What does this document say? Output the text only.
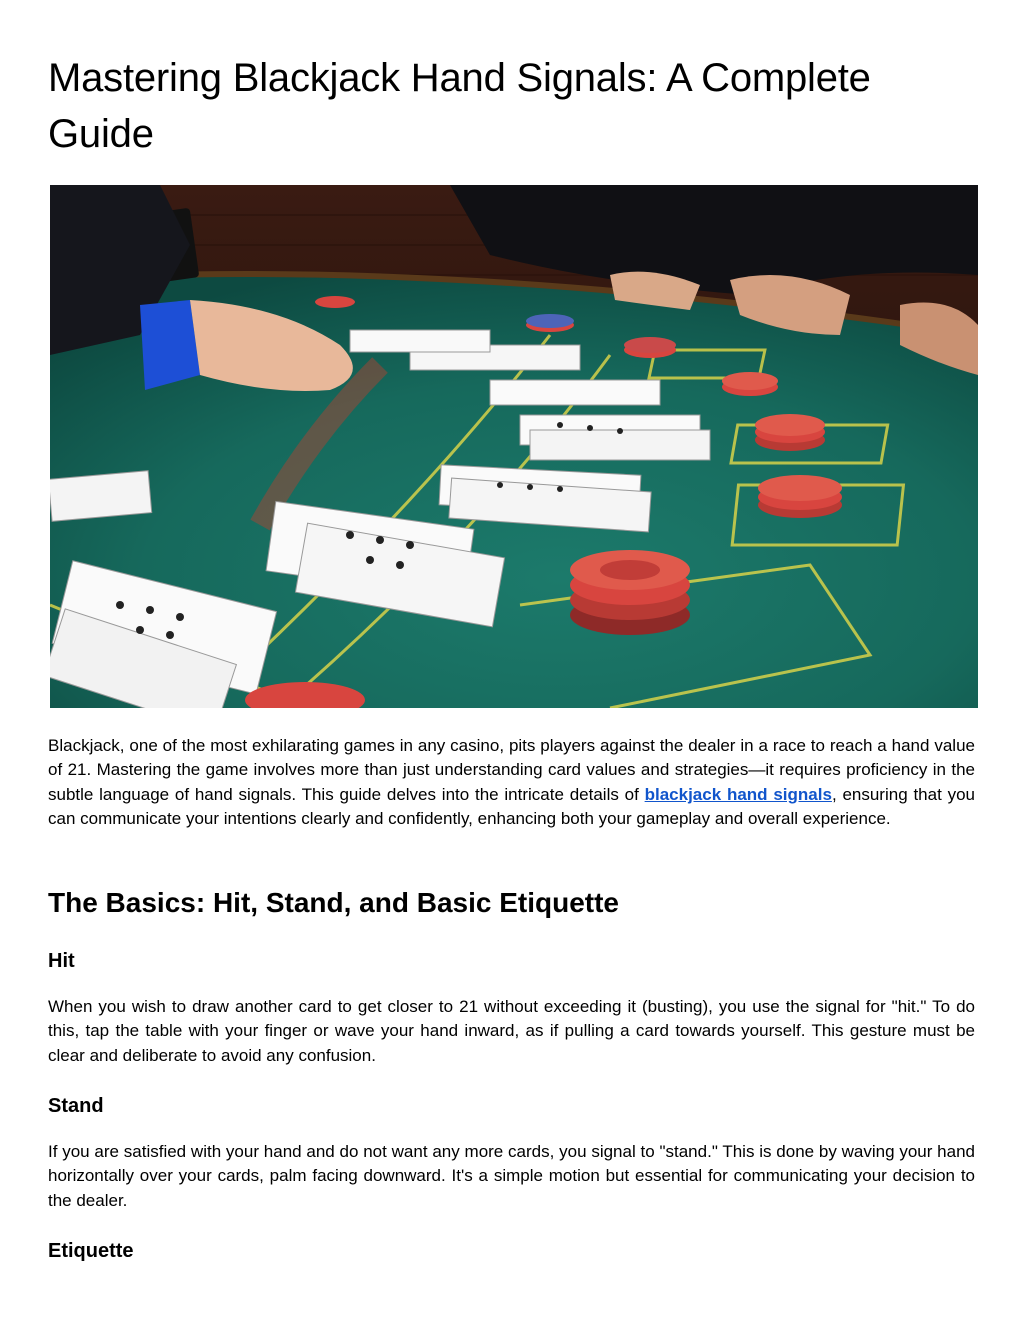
Mastering Blackjack Hand Signals: A Complete Guide

Blackjack, one of the most exhilarating games in any casino, pits players against the dealer in a race to reach a hand value of 21. Mastering the game involves more than just understanding card values and strategies—it requires proficiency in the subtle language of hand signals. This guide delves into the intricate details of blackjack hand signals, ensuring that you can communicate your intentions clearly and confidently, enhancing both your gameplay and overall experience.

The Basics: Hit, Stand, and Basic Etiquette
Hit

When you wish to draw another card to get closer to 21 without exceeding it (busting), you use the signal for "hit." To do this, tap the table with your finger or wave your hand inward, as if pulling a card towards yourself. This gesture must be clear and deliberate to avoid any confusion.

Stand

If you are satisfied with your hand and do not want any more cards, you signal to "stand." This is done by waving your hand horizontally over your cards, palm facing downward. It's a simple motion but essential for communicating your decision to the dealer.

Etiquette
